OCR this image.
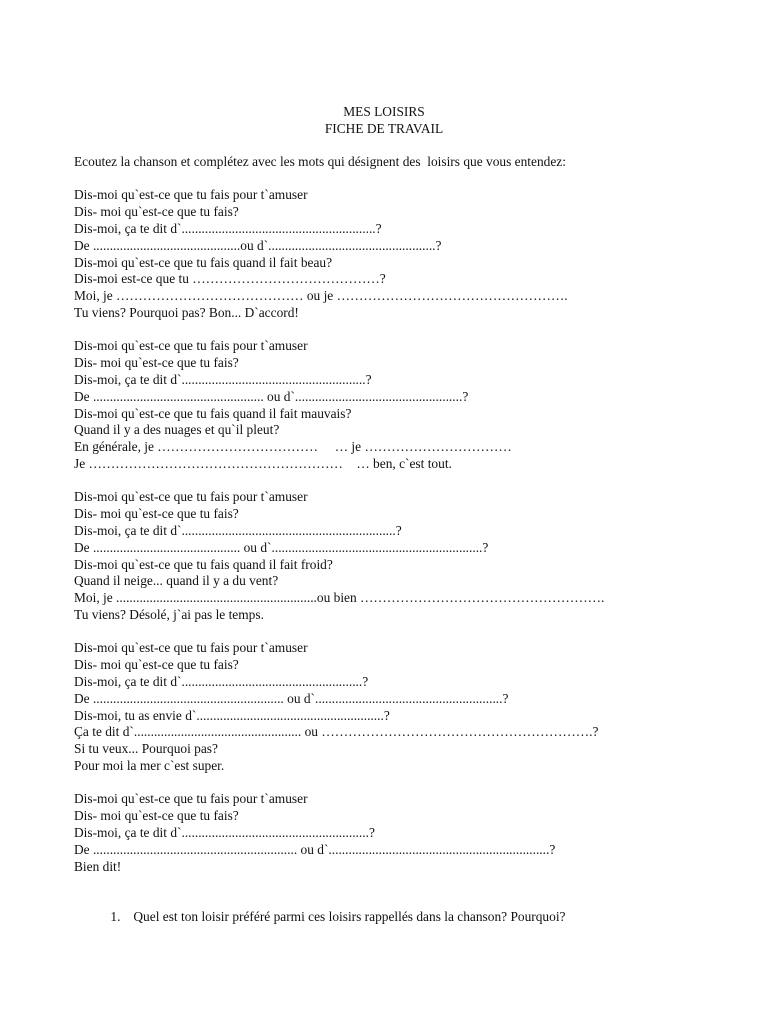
MES LOISIRS
FICHE DE TRAVAIL
Ecoutez la chanson et complétez avec les mots qui désignent des  loisirs que vous entendez:
Dis-moi qu`est-ce que tu fais pour t`amuser
Dis- moi qu`est-ce que tu fais?
Dis-moi, ça te dit d`..........................................................?
De ............................................ou d`..................................................?
Dis-moi qu`est-ce que tu fais quand il fait beau?
Dis-moi est-ce que tu ……………………………………?
Moi, je …………………………………… ou je …………………………………………….
Tu viens? Pourquoi pas? Bon... D`accord!
Dis-moi qu`est-ce que tu fais pour t`amuser
Dis- moi qu`est-ce que tu fais?
Dis-moi, ça te dit d`.......................................................?
De ................................................... ou d`..................................................?
Dis-moi qu`est-ce que tu fais quand il fait mauvais?
Quand il y a des nuages et qu`il pleut?
En générale, je ………………………………     … je ……………………………
Je …………………………………………………    … ben, c`est tout.
Dis-moi qu`est-ce que tu fais pour t`amuser
Dis- moi qu`est-ce que tu fais?
Dis-moi, ça te dit d`................................................................?
De ............................................ ou d`...............................................................?
Dis-moi qu`est-ce que tu fais quand il fait froid?
Quand il neige... quand il y a du vent?
Moi, je ............................................................ou bien ……………………………………………….
Tu viens? Désolé, j`ai pas le temps.
Dis-moi qu`est-ce que tu fais pour t`amuser
Dis- moi qu`est-ce que tu fais?
Dis-moi, ça te dit d`......................................................?
De ......................................................... ou d`........................................................?
Dis-moi, tu as envie d`........................................................?
Ça te dit d`.................................................. ou …………………………………………………….?
Si tu veux... Pourquoi pas?
Pour moi la mer c`est super.
Dis-moi qu`est-ce que tu fais pour t`amuser
Dis- moi qu`est-ce que tu fais?
Dis-moi, ça te dit d`........................................................?
De ............................................................. ou d`..................................................................?
Bien dit!

1. Quel est ton loisir préféré parmi ces loisirs rappellés dans la chanson? Pourquoi?
